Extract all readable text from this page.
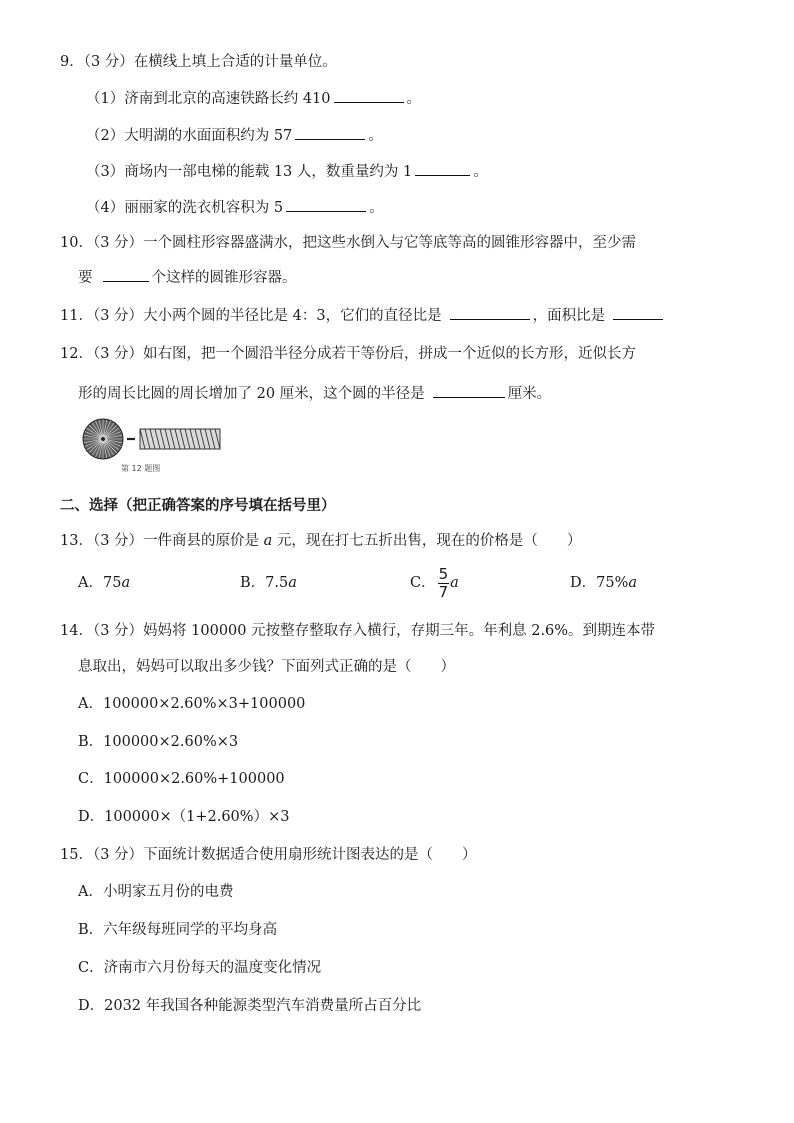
9．（3 分）在横线上填上合适的计量单位。
（1）济南到北京的高速铁路长约 410	。
（2）大明湖的水面面积约为 57	。
（3）商场内一部电梯的能载 13 人，数重量约为 1	。
（4）丽丽家的洗衣机容积为 5	。
10．（3 分）一个圆柱形容器盛满水，把这些水倒入与它等底等高的圆锥形容器中，至少需
要	个这样的圆锥形容器。
11．（3 分）大小两个圆的半径比是 4：3，它们的直径比是	，面积比是
12．（3 分）如右图，把一个圆沿半径分成若干等份后，拼成一个近似的长方形，近似长方
形的周长比圆的周长增加了 20 厘米，这个圆的半径是	厘米。
第 12 题图
二、选择（把正确答案的序号填在括号里）
13．（3 分）一件商县的原价是 a 元，现在打七五折出售，现在的价格是（　　）
A．75a	B．7.5a	C． $\frac{5}{7}$ a	D．75%a
14．（3 分）妈妈将 100000 元按整存整取存入横行，存期三年。年利息 2.6%。到期连本带
息取出，妈妈可以取出多少钱？下面列式正确的是（　　）
A．100000×2.60%×3+100000
B．100000×2.60%×3
C．100000×2.60%+100000
D．100000×（1+2.60%）×3
15．（3 分）下面统计数据适合使用扇形统计图表达的是（　　）
A．小明家五月份的电费
B．六年级每班同学的平均身高
C．济南市六月份每天的温度变化情况
D．2032 年我国各种能源类型汽车消费量所占百分比
